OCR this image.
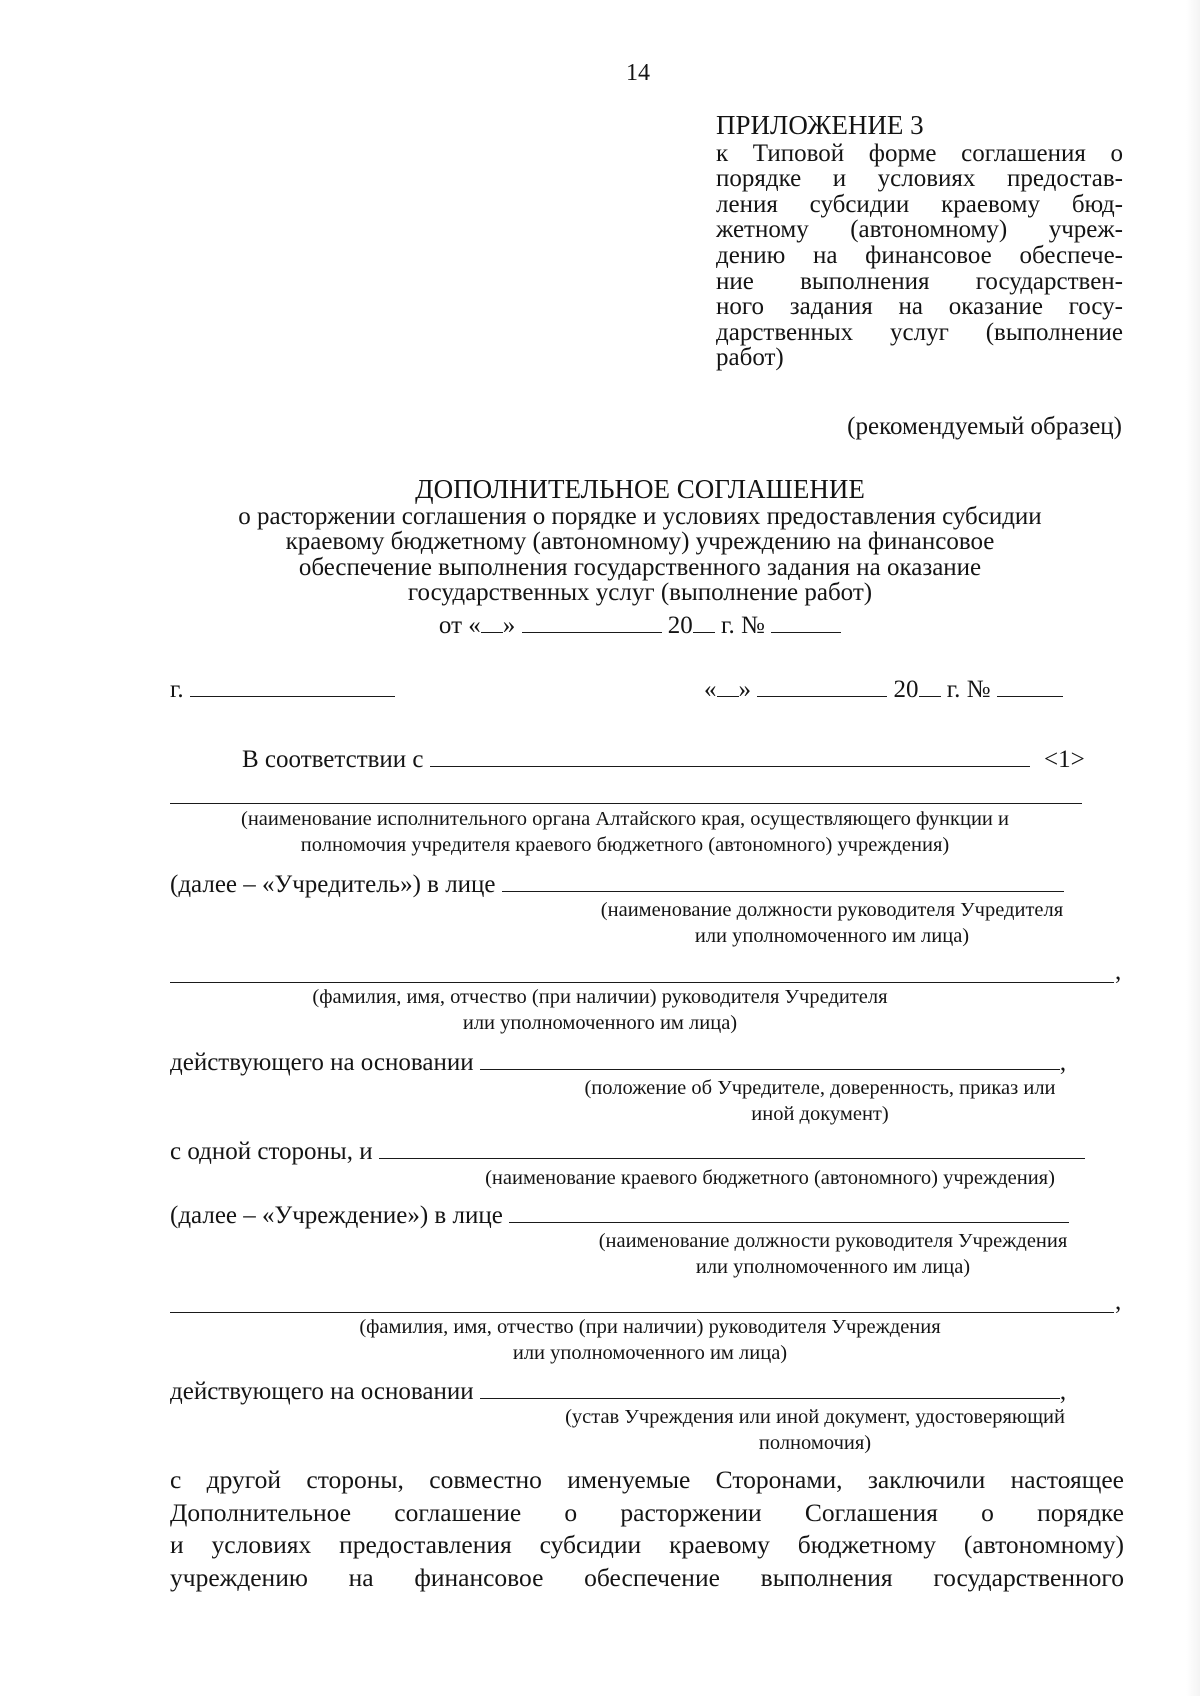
14
ПРИЛОЖЕНИЕ 3
к Типовой форме соглашения о
порядке и условиях предостав-
ления субсидии краевому бюд-
жетному (автономному) учреж-
дению на финансовое обеспече-
ние выполнения государствен-
ного задания на оказание госу-
дарственных услуг (выполнение
работ)
(рекомендуемый образец)
ДОПОЛНИТЕЛЬНОЕ СОГЛАШЕНИЕ
о расторжении соглашения о порядке и условиях предоставления субсидии
краевому бюджетному (автономному) учреждению на финансовое
обеспечение выполнения государственного задания на оказание
государственных услуг (выполнение работ)
от « »	20 г. №
г.	« »	20 г. №
В соответствии с	<1>
(наименование исполнительного органа Алтайского края, осуществляющего функции и
полномочия учредителя краевого бюджетного (автономного) учреждения)
(далее – «Учредитель») в лице
(наименование должности руководителя Учредителя
или уполномоченного им лица)
,
(фамилия, имя, отчество (при наличии) руководителя Учредителя
или уполномоченного им лица)
действующего на основании	,
(положение об Учредителе, доверенность, приказ или
иной документ)
с одной стороны, и
(наименование краевого бюджетного (автономного) учреждения)
(далее – «Учреждение») в лице
(наименование должности руководителя Учреждения
или уполномоченного им лица)
,
(фамилия, имя, отчество (при наличии) руководителя Учреждения
или уполномоченного им лица)
действующего на основании	,
(устав Учреждения или иной документ, удостоверяющий
полномочия)
с другой стороны, совместно именуемые Сторонами, заключили настоящее
Дополнительное соглашение о расторжении Соглашения о порядке
и условиях предоставления субсидии краевому бюджетному (автономному)
учреждению на финансовое обеспечение выполнения государственного
